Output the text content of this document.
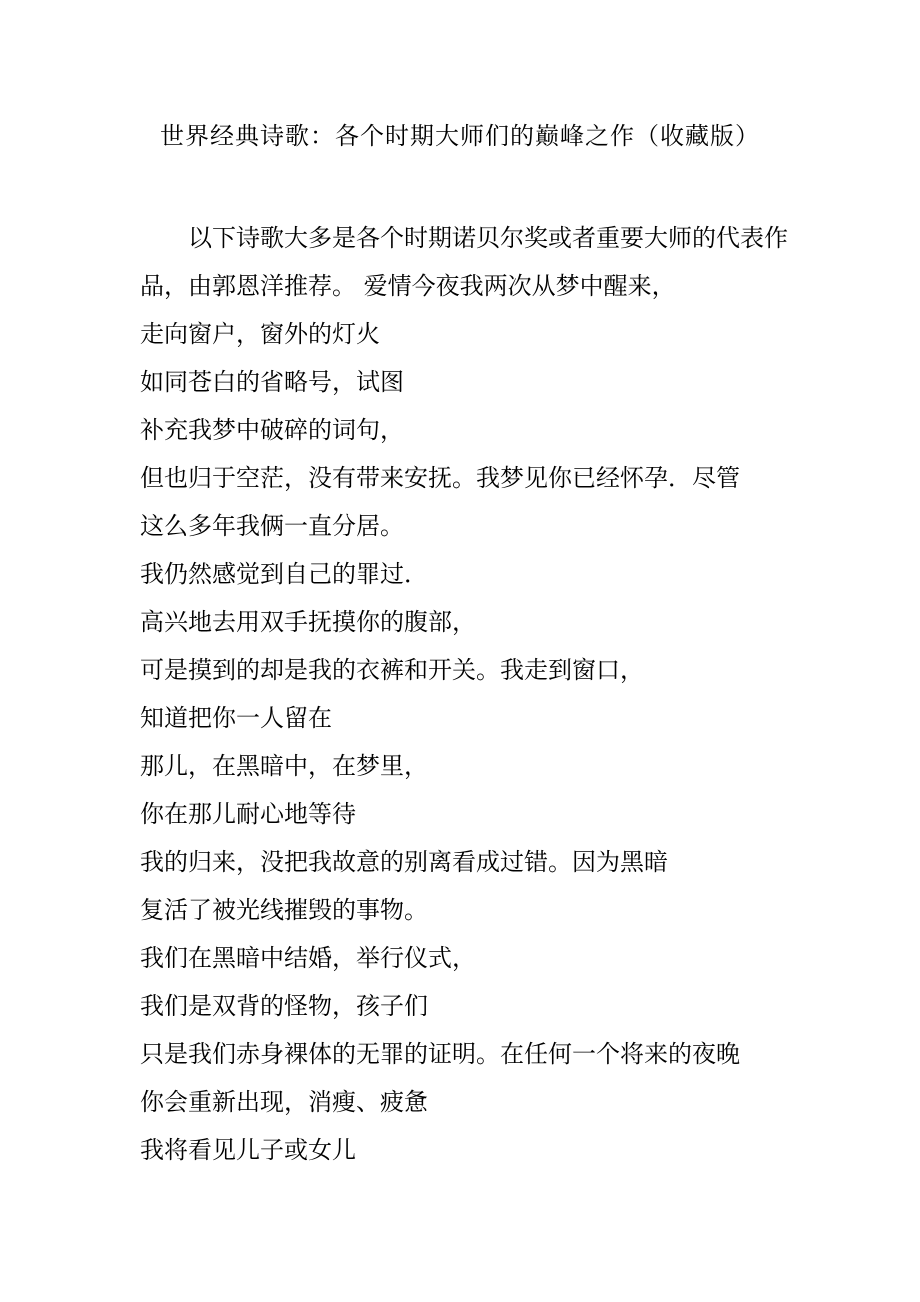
世界经典诗歌：各个时期大师们的巅峰之作（收藏版）
以下诗歌大多是各个时期诺贝尔奖或者重要大师的代表作品，由郭恩洋推荐。 爱情今夜我两次从梦中醒来，
走向窗户，窗外的灯火
如同苍白的省略号，试图
补充我梦中破碎的词句，
但也归于空茫，没有带来安抚。我梦见你已经怀孕．尽管
这么多年我俩一直分居。
我仍然感觉到自己的罪过．
高兴地去用双手抚摸你的腹部，
可是摸到的却是我的衣裤和开关。我走到窗口，
知道把你一人留在
那儿，在黑暗中，在梦里，
你在那儿耐心地等待
我的归来，没把我故意的别离看成过错。因为黑暗
复活了被光线摧毁的事物。
我们在黑暗中结婚，举行仪式，
我们是双背的怪物，孩子们
只是我们赤身裸体的无罪的证明。在任何一个将来的夜晚
你会重新出现，消瘦、疲惫
我将看见儿子或女儿
